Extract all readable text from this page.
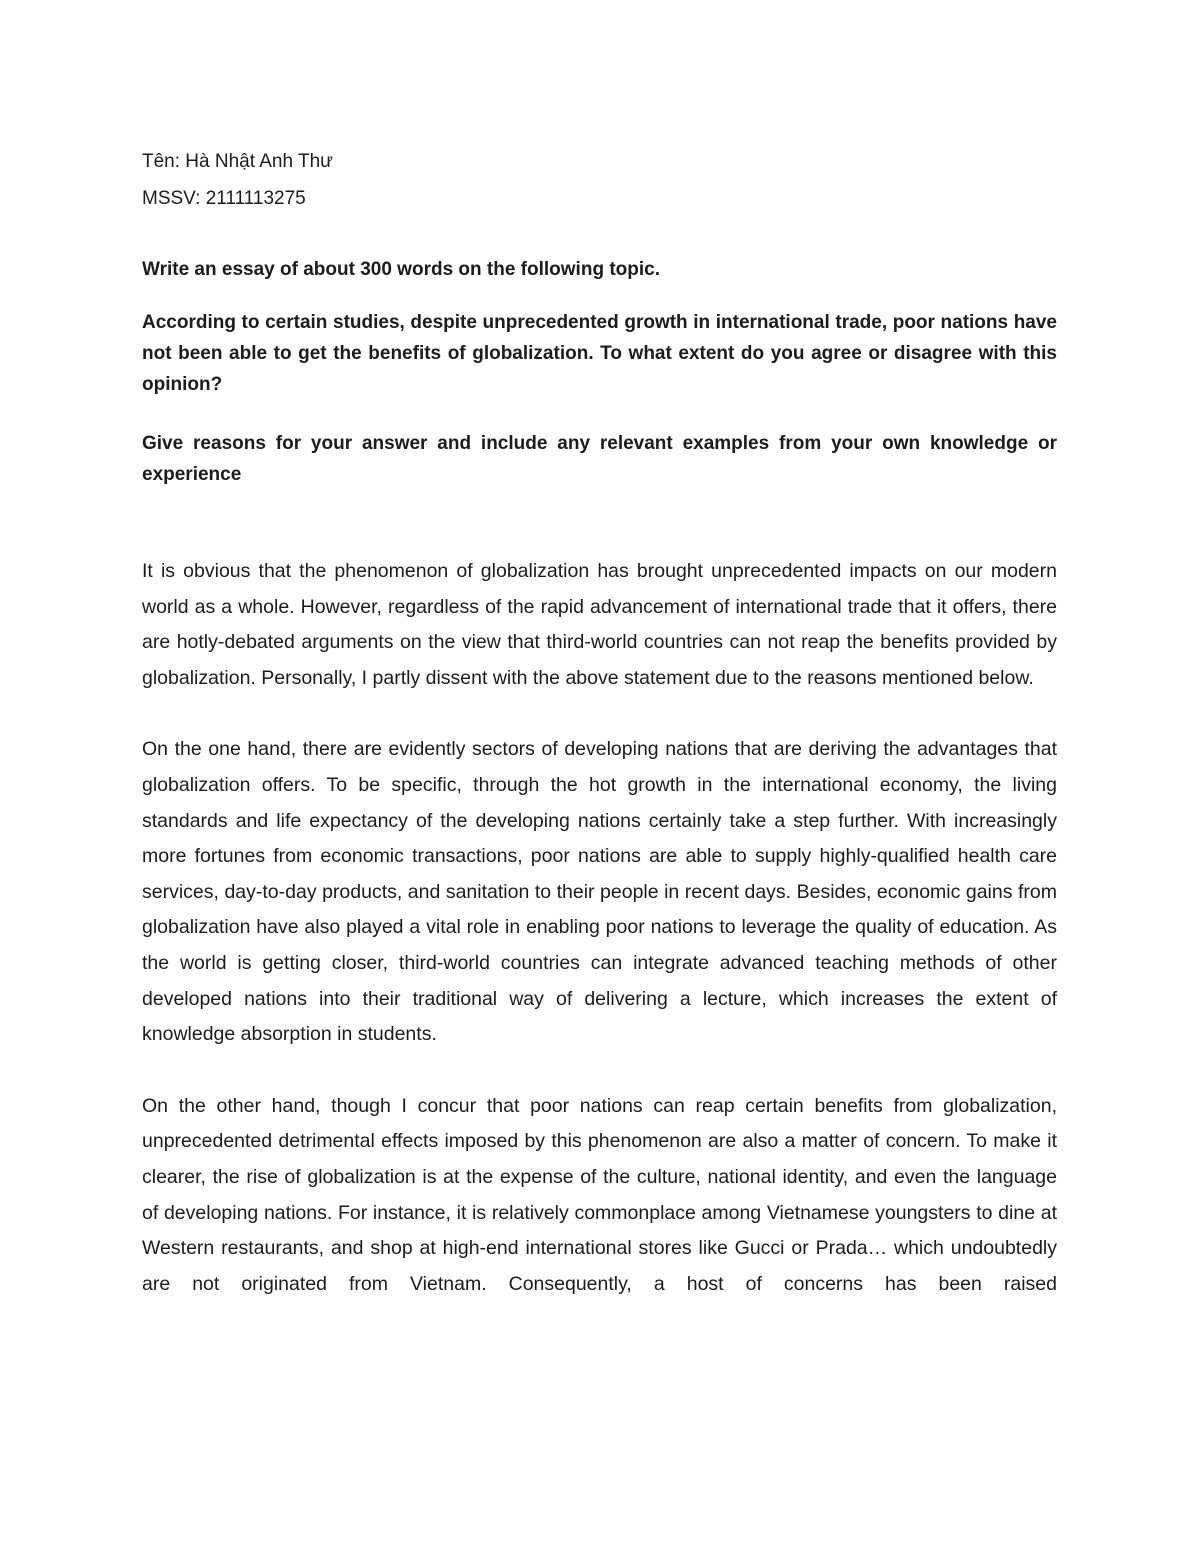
Tên: Hà Nhật Anh Thư

MSSV: 2111113275

Write an essay of about 300 words on the following topic.

According to certain studies, despite unprecedented growth in international trade, poor nations have not been able to get the benefits of globalization. To what extent do you agree or disagree with this opinion?

Give reasons for your answer and include any relevant examples from your own knowledge or experience

It is obvious that the phenomenon of globalization has brought unprecedented impacts on our modern world as a whole. However, regardless of the rapid advancement of international trade that it offers, there are hotly-debated arguments on the view that third-world countries can not reap the benefits provided by globalization. Personally, I partly dissent with the above statement due to the reasons mentioned below.

On the one hand, there are evidently sectors of developing nations that are deriving the advantages that globalization offers. To be specific, through the hot growth in the international economy, the living standards and life expectancy of the developing nations certainly take a step further. With increasingly more fortunes from economic transactions, poor nations are able to supply highly-qualified health care services, day-to-day products, and sanitation to their people in recent days. Besides, economic gains from globalization have also played a vital role in enabling poor nations to leverage the quality of education. As the world is getting closer, third-world countries can integrate advanced teaching methods of other developed nations into their traditional way of delivering a lecture, which increases the extent of knowledge absorption in students.

On the other hand, though I concur that poor nations can reap certain benefits from globalization, unprecedented detrimental effects imposed by this phenomenon are also a matter of concern. To make it clearer, the rise of globalization is at the expense of the culture, national identity, and even the language of developing nations. For instance, it is relatively commonplace among Vietnamese youngsters to dine at Western restaurants, and shop at high-end international stores like Gucci or Prada… which undoubtedly are not originated from Vietnam. Consequently, a host of concerns has been raised
